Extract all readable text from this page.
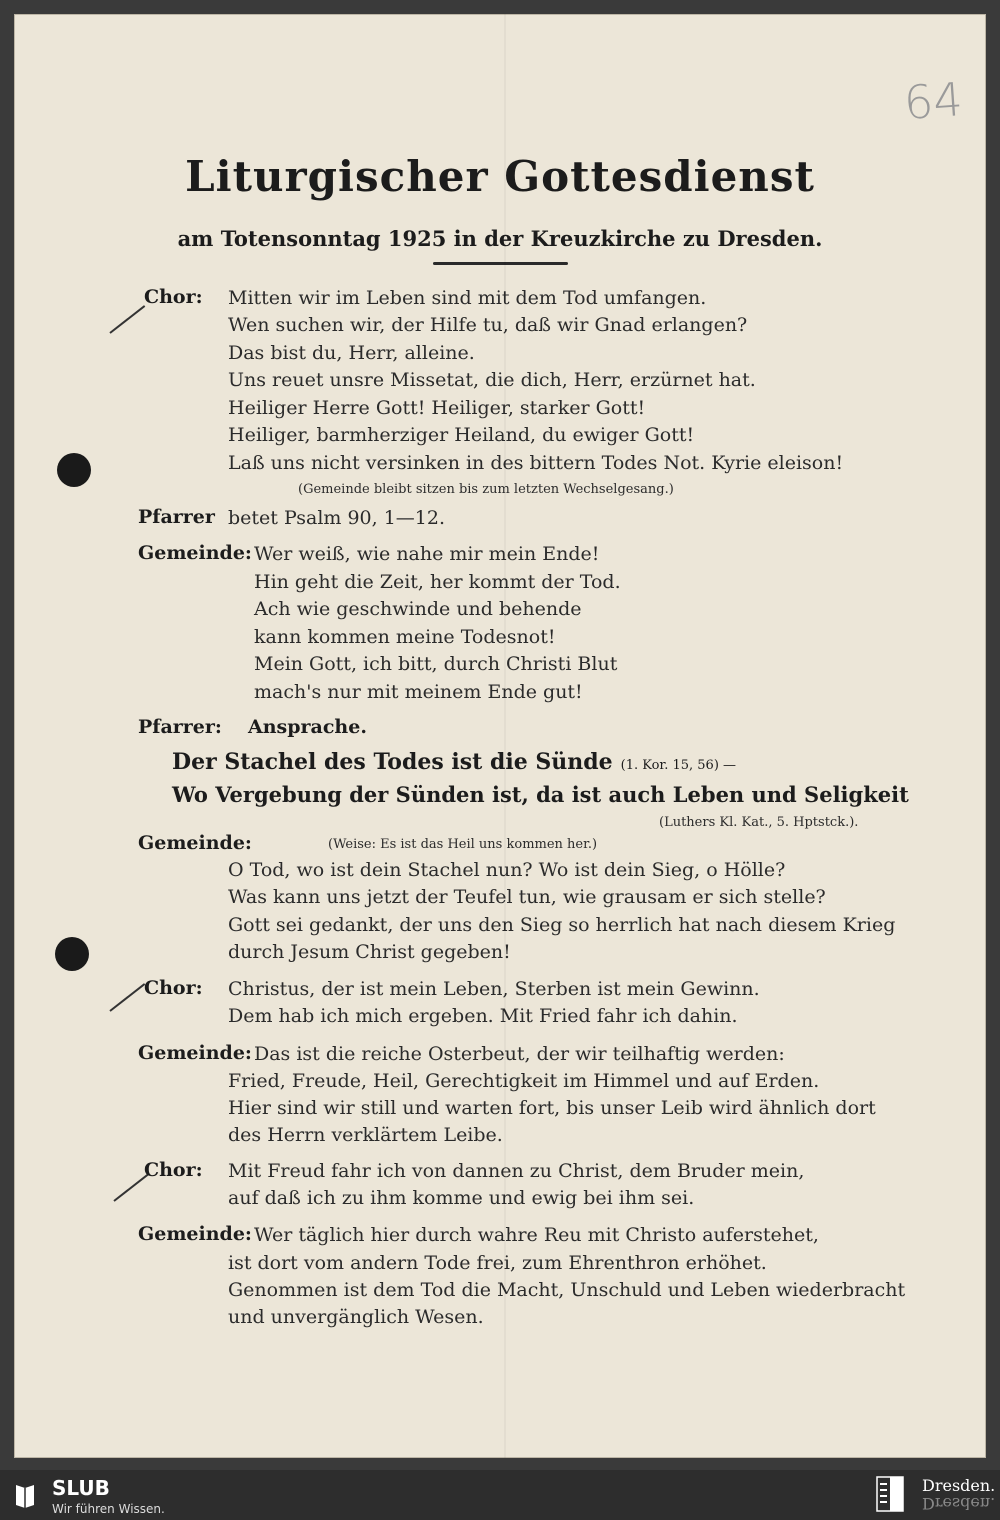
64
Liturgischer Gottesdienst
am Totensonntag 1925 in der Kreuzkirche zu Dresden.
Chor: Mitten wir im Leben sind mit dem Tod umfangen.
Wen suchen wir, der Hilfe tu, daß wir Gnad erlangen?
Das bist du, Herr, alleine.
Uns reuet unsre Missetat, die dich, Herr, erzürnet hat.
Heiliger Herre Gott! Heiliger, starker Gott!
Heiliger, barmherziger Heiland, du ewiger Gott!
Laß uns nicht versinken in des bittern Todes Not. Kyrie eleison!
(Gemeinde bleibt sitzen bis zum letzten Wechselgesang.)
Pfarrer betet Psalm 90, 1—12.
Gemeinde: Wer weiß, wie nahe mir mein Ende!
Hin geht die Zeit, her kommt der Tod.
Ach wie geschwinde und behende
kann kommen meine Todesnot!
Mein Gott, ich bitt, durch Christi Blut
mach's nur mit meinem Ende gut!
Pfarrer: Ansprache.
Der Stachel des Todes ist die Sünde (1. Kor. 15, 56) —
Wo Vergebung der Sünden ist, da ist auch Leben und Seligkeit
(Luthers Kl. Kat., 5. Hptstck.).
Gemeinde:	(Weise: Es ist das Heil uns kommen her.)
O Tod, wo ist dein Stachel nun? Wo ist dein Sieg, o Hölle?
Was kann uns jetzt der Teufel tun, wie grausam er sich stelle?
Gott sei gedankt, der uns den Sieg so herrlich hat nach diesem Krieg
durch Jesum Christ gegeben!
Chor: Christus, der ist mein Leben, Sterben ist mein Gewinn.
Dem hab ich mich ergeben. Mit Fried fahr ich dahin.
Gemeinde: Das ist die reiche Osterbeut, der wir teilhaftig werden:
Fried, Freude, Heil, Gerechtigkeit im Himmel und auf Erden.
Hier sind wir still und warten fort, bis unser Leib wird ähnlich dort
des Herrn verklärtem Leibe.
Chor: Mit Freud fahr ich von dannen zu Christ, dem Bruder mein,
auf daß ich zu ihm komme und ewig bei ihm sei.
Gemeinde: Wer täglich hier durch wahre Reu mit Christo auferstehet,
ist dort vom andern Tode frei, zum Ehrenthron erhöhet.
Genommen ist dem Tod die Macht, Unschuld und Leben wiederbracht
und unvergänglich Wesen.
SLUB
Wir führen Wissen.
Dresden.
Dresden.
